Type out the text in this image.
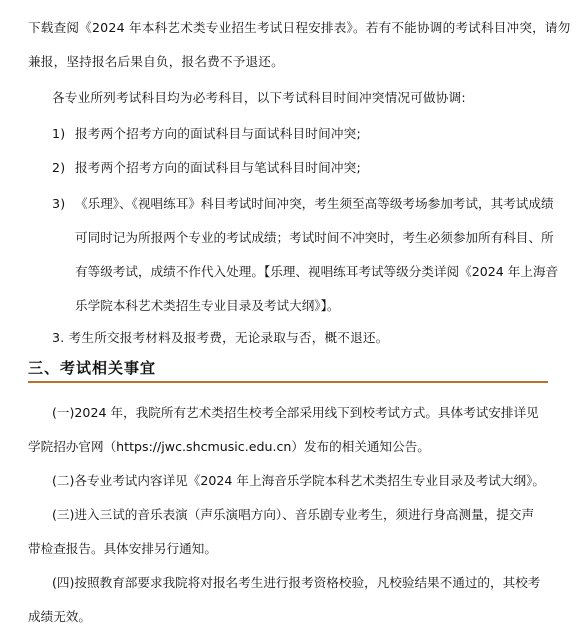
下载查阅《2024 年本科艺术类专业招生考试日程安排表》。若有不能协调的考试科目冲突，请勿
兼报，坚持报名后果自负，报名费不予退还。
各专业所列考试科目均为必考科目，以下考试科目时间冲突情况可做协调:
1) 报考两个招考方向的面试科目与面试科目时间冲突;
2) 报考两个招考方向的面试科目与笔试科目时间冲突;
3) 《乐理》、《视唱练耳》科目考试时间冲突，考生须至高等级考场参加考试，其考试成绩
可同时记为所报两个专业的考试成绩；考试时间不冲突时，考生必须参加所有科目、所
有等级考试，成绩不作代入处理。【乐理、视唱练耳考试等级分类详阅《2024 年上海音
乐学院本科艺术类招生专业目录及考试大纲》】。
3. 考生所交报考材料及报考费，无论录取与否，概不退还。
三、考试相关事宜
(一)2024 年，我院所有艺术类招生校考全部采用线下到校考试方式。具体考试安排详见
学院招办官网（https://jwc.shcmusic.edu.cn）发布的相关通知公告。
(二)各专业考试内容详见《2024 年上海音乐学院本科艺术类招生专业目录及考试大纲》。
(三)进入三试的音乐表演（声乐演唱方向）、音乐剧专业考生，须进行身高测量，提交声
带检查报告。具体安排另行通知。
(四)按照教育部要求我院将对报名考生进行报考资格校验，凡校验结果不通过的，其校考
成绩无效。
